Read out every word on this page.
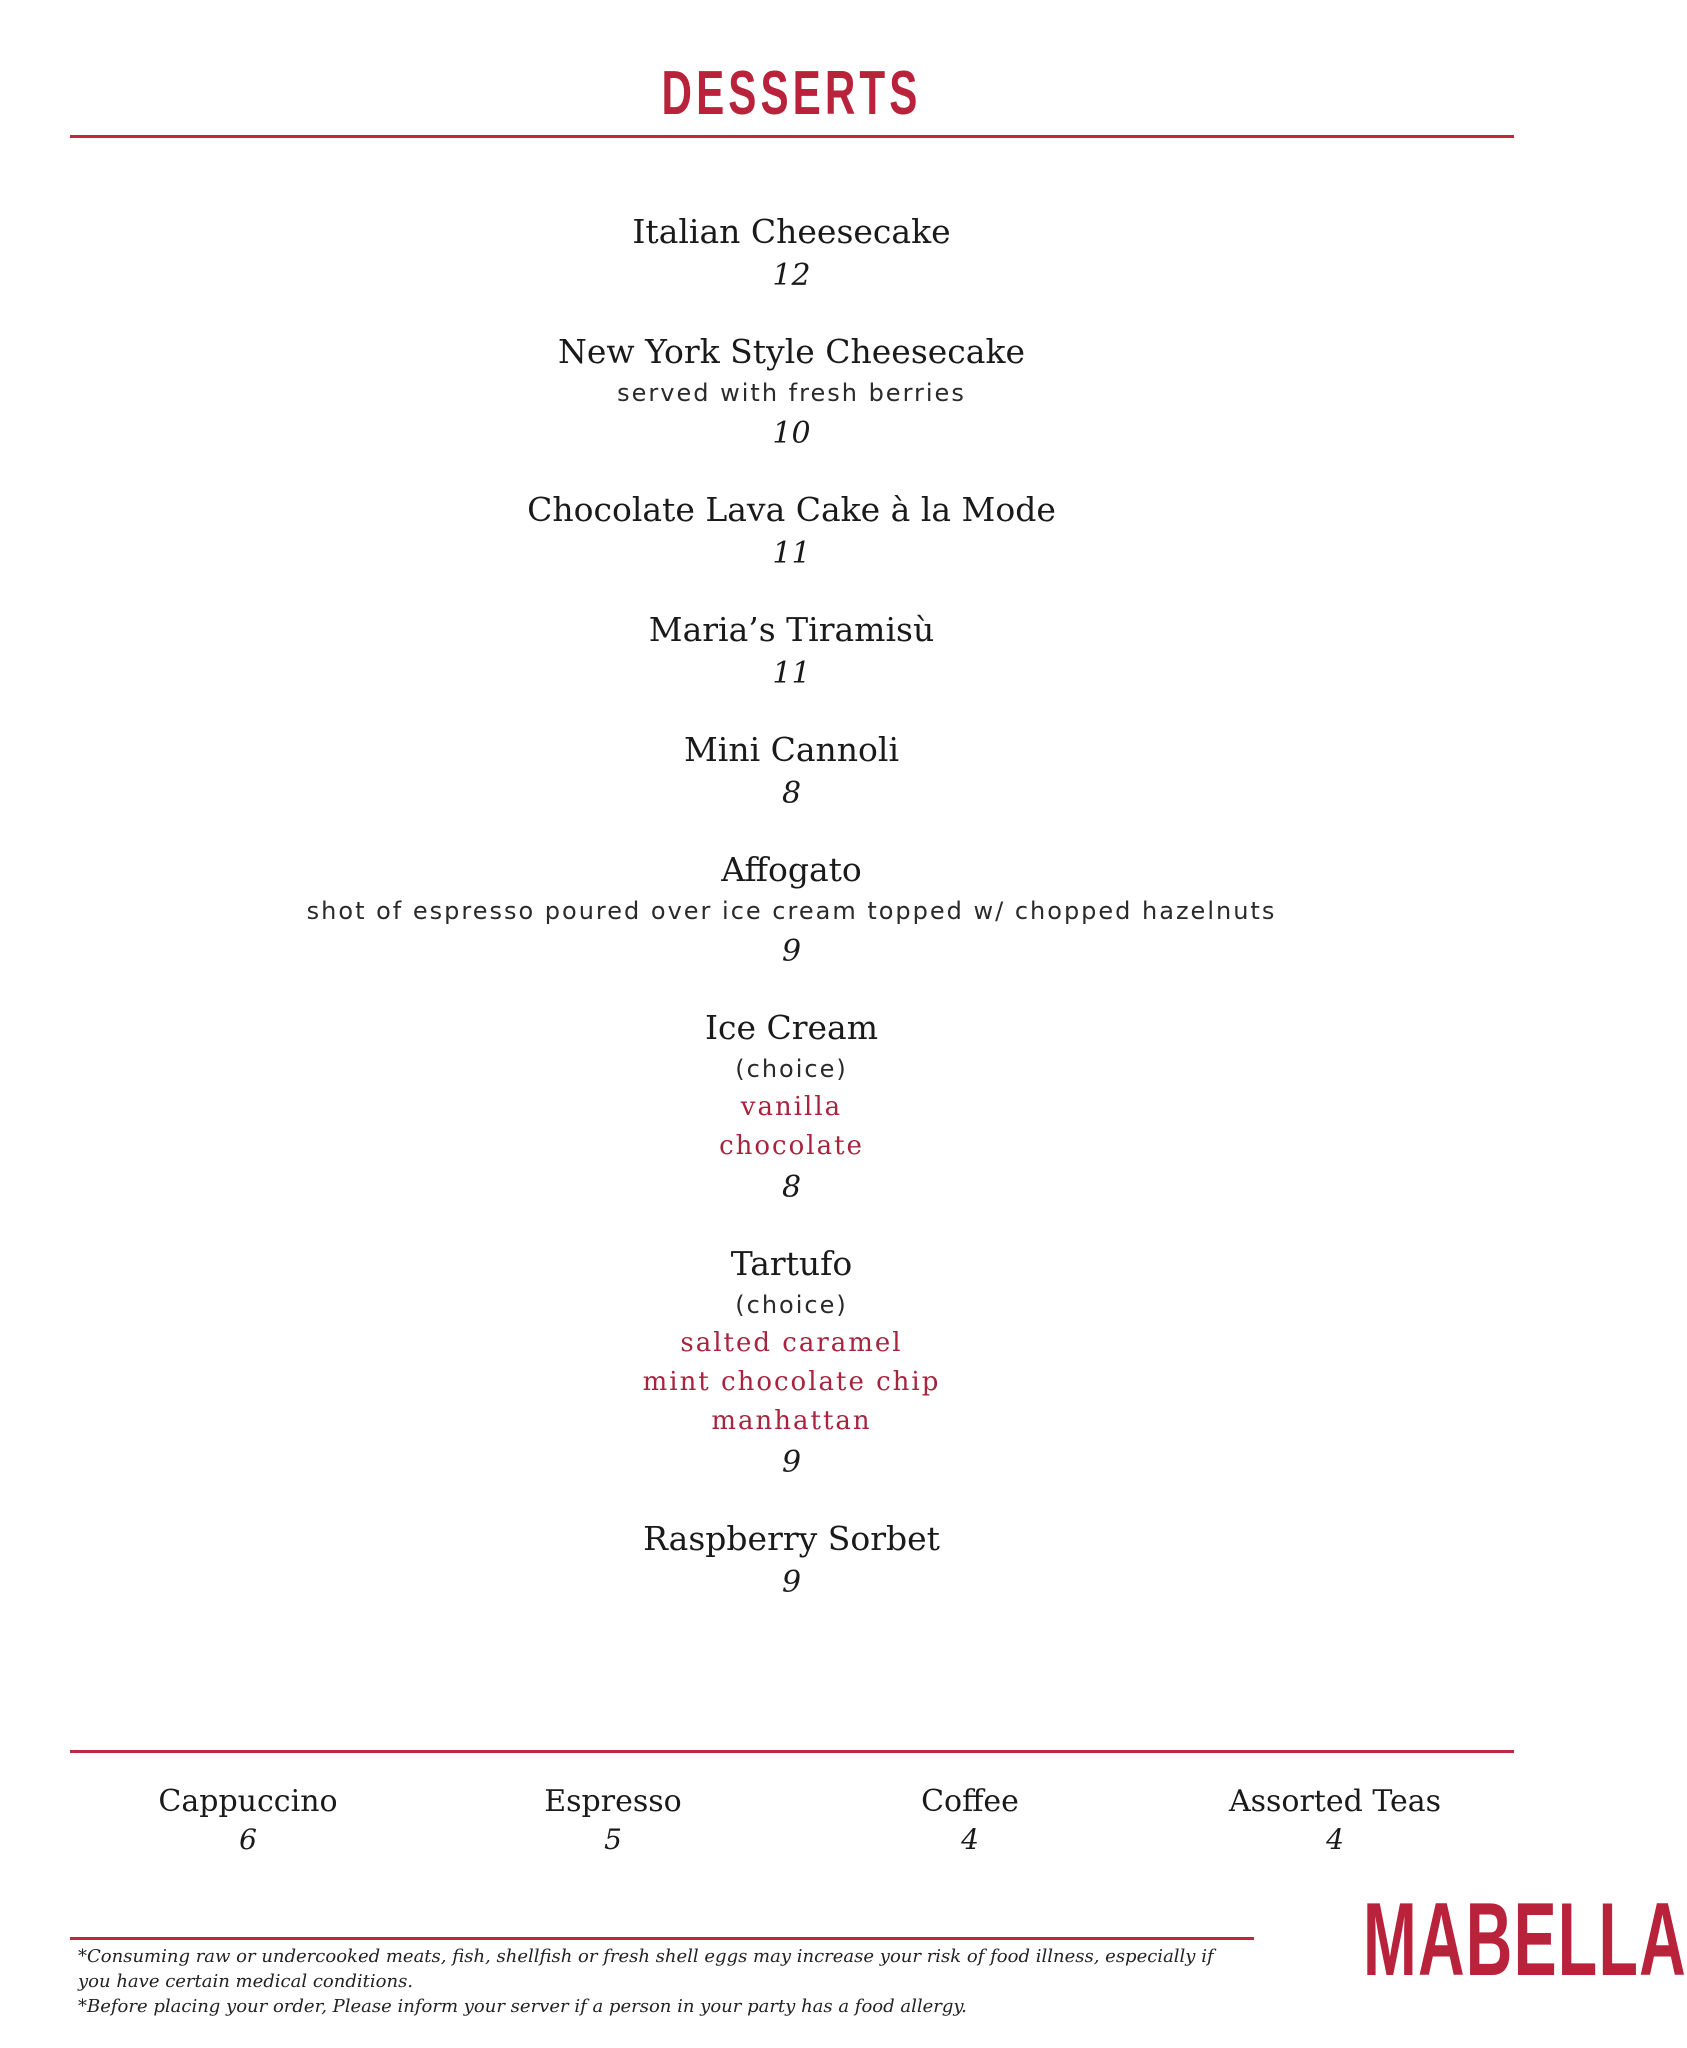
DESSERTS
Italian Cheesecake
12
New York Style Cheesecake
served with fresh berries
10
Chocolate Lava Cake à la Mode
11
Maria’s Tiramisù
11
Mini Cannoli
8
Affogato
shot of espresso poured over ice cream topped w/ chopped hazelnuts
9
Ice Cream
(choice)
vanilla
chocolate
8
Tartufo
(choice)
salted caramel
mint chocolate chip
manhattan
9
Raspberry Sorbet
9
Cappuccino
6
Espresso
5
Coffee
4
Assorted Teas
4
*Consuming raw or undercooked meats, fish, shellfish or fresh shell eggs may increase your risk of food illness, especially if you have certain medical conditions.
*Before placing your order, Please inform your server if a person in your party has a food allergy.
MABELLA
